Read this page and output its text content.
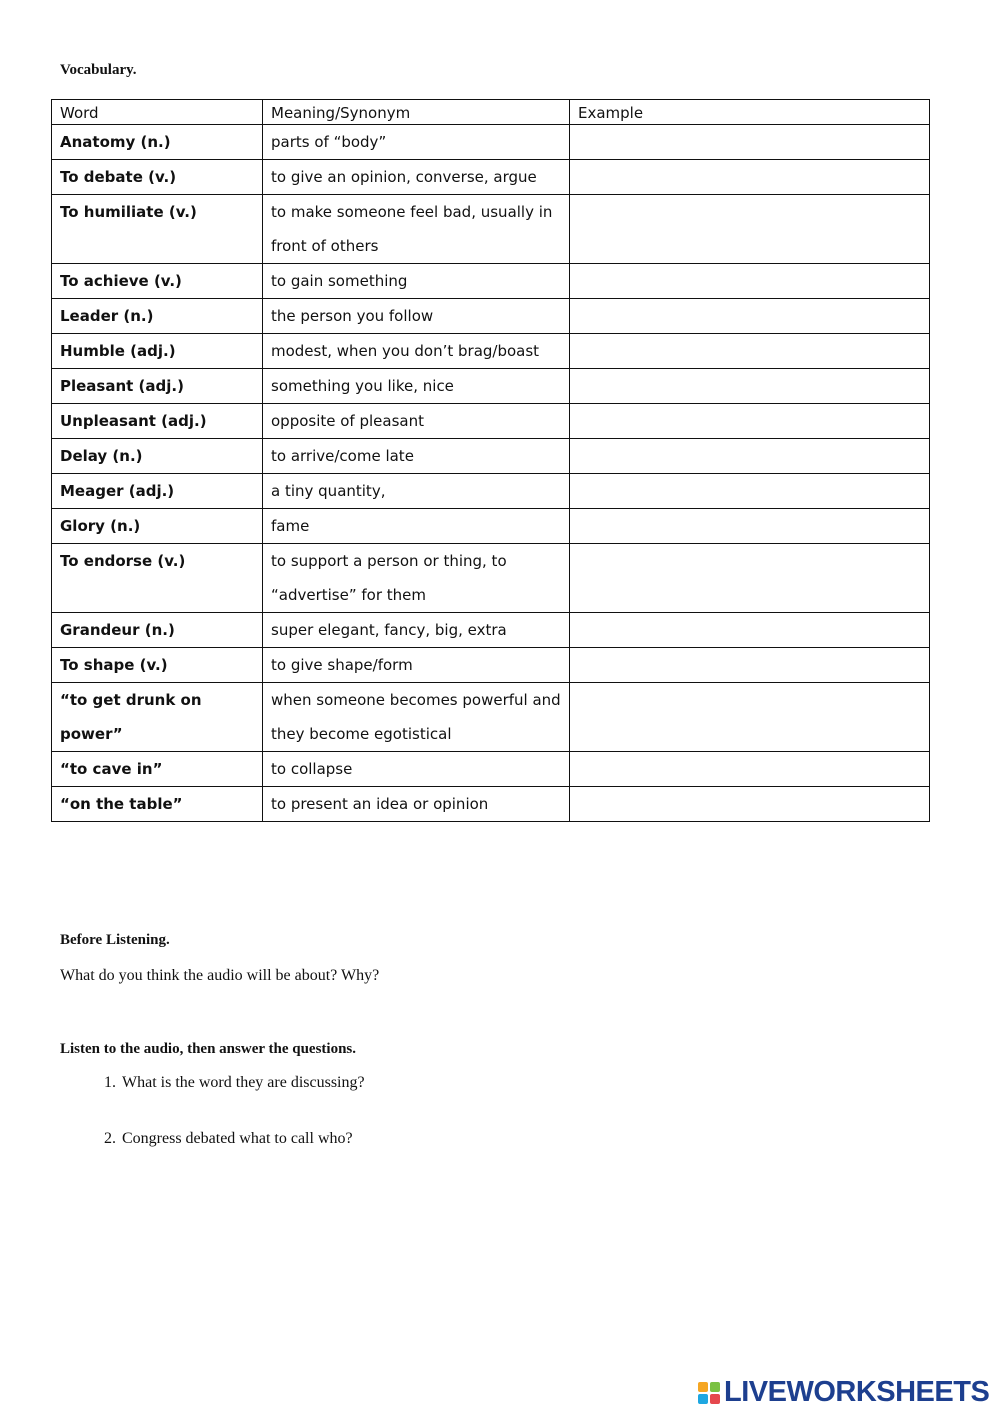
Vocabulary.
Word	Meaning/Synonym	Example
Anatomy (n.)	parts of “body”	
To debate (v.)	to give an opinion, converse, argue	
To humiliate (v.)	to make someone feel bad, usually in front of others	
To achieve (v.)	to gain something	
Leader (n.)	the person you follow	
Humble (adj.)	modest, when you don’t brag/boast	
Pleasant (adj.)	something you like, nice	
Unpleasant (adj.)	opposite of pleasant	
Delay (n.)	to arrive/come late	
Meager (adj.)	a tiny quantity,	
Glory (n.)	fame	
To endorse (v.)	to support a person or thing, to “advertise” for them	
Grandeur (n.)	super elegant, fancy, big, extra	
To shape (v.)	to give shape/form	
“to get drunk on power”	when someone becomes powerful and they become egotistical	
“to cave in”	to collapse	
“on the table”	to present an idea or opinion	
Before Listening.
What do you think the audio will be about? Why?
Listen to the audio, then answer the questions.
1. What is the word they are discussing?
2. Congress debated what to call who?
LIVEWORKSHEETS
